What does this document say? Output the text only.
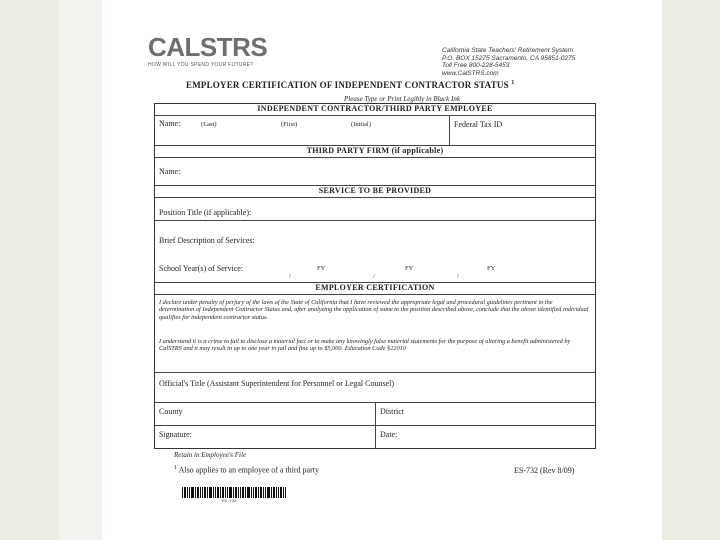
CALSTRS
HOW WILL YOU SPEND YOUR FUTURE?
California State Teachers' Retirement System
P.O. BOX 15275 Sacramento, CA 95851-0275
Toll Free 800-228-5453
www.CalSTRS.com
EMPLOYER CERTIFICATION OF INDEPENDENT CONTRACTOR STATUS $^1$
Please Type or Print Legibly in Black Ink
INDEPENDENT CONTRACTOR/THIRD PARTY EMPLOYEE
Name:	(Last)	(First)	(Initial)	Federal Tax ID
THIRD PARTY FIRM (if applicable)
Name:
SERVICE TO BE PROVIDED
Position Title (if applicable):
Brief Description of Services:
School Year(s) of Service:	FY	FY	FY
/	/	/
EMPLOYER CERTIFICATION
I declare under penalty of perjury of the laws of the State of California that I have reviewed the appropriate legal and procedural guidelines pertinent to the determination of Independent Contractor Status and, after analyzing the application of same to the position described above, conclude that the above identified individual qualifies for independent contractor status.
I understand it is a crime to fail to disclose a material fact or to make any knowingly false material statements for the purpose of altering a benefit administered by CalSTRS and it may result in up to one year in jail and fine up to $5,000. Education Code §22010
Official's Title (Assistant Superintendent for Personnel or Legal Counsel)
County	District
Signature:	Date:
Retain in Employee's File
$^1$ Also applies to an employee of a third party	ES-732 (Rev 8/09)
ES-732
